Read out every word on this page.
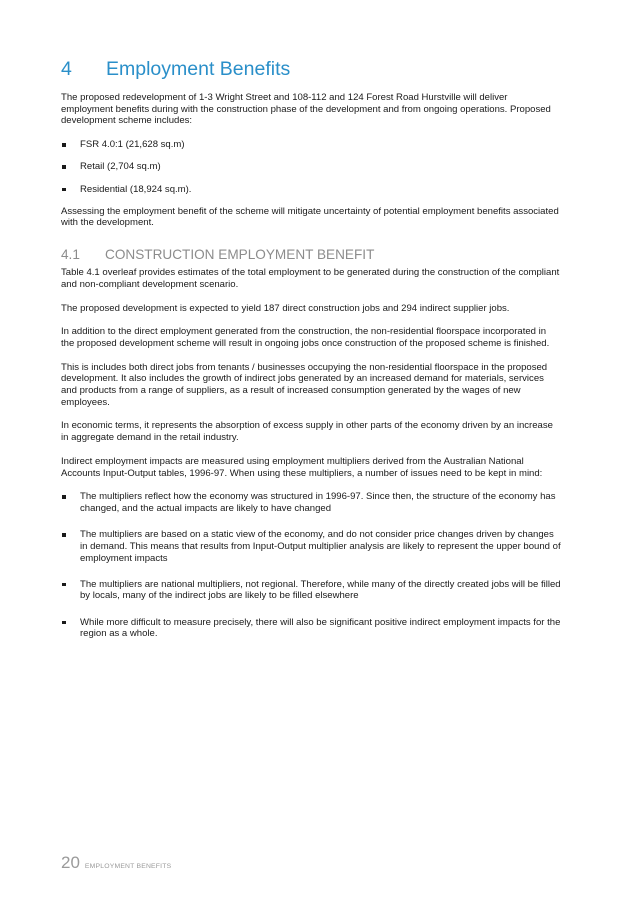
4	Employment Benefits

The proposed redevelopment of 1-3 Wright Street and 108-112 and 124 Forest Road Hurstville will deliver employment benefits during with the construction phase of the development and from ongoing operations. Proposed development scheme includes:

FSR 4.0:1 (21,628 sq.m)
Retail (2,704 sq.m)
Residential (18,924 sq.m).

Assessing the employment benefit of the scheme will mitigate uncertainty of potential employment benefits associated with the development.

4.1	CONSTRUCTION EMPLOYMENT BENEFIT

Table 4.1 overleaf provides estimates of the total employment to be generated during the construction of the compliant and non-compliant development scenario.

The proposed development is expected to yield 187 direct construction jobs and 294 indirect supplier jobs.

In addition to the direct employment generated from the construction, the non-residential floorspace incorporated in the proposed development scheme will result in ongoing jobs once construction of the proposed scheme is finished.

This is includes both direct jobs from tenants / businesses occupying the non-residential floorspace in the proposed development. It also includes the growth of indirect jobs generated by an increased demand for materials, services and products from a range of suppliers, as a result of increased consumption generated by the wages of new employees.

In economic terms, it represents the absorption of excess supply in other parts of the economy driven by an increase in aggregate demand in the retail industry.

Indirect employment impacts are measured using employment multipliers derived from the Australian National Accounts Input-Output tables, 1996-97. When using these multipliers, a number of issues need to be kept in mind:

The multipliers reflect how the economy was structured in 1996-97. Since then, the structure of the economy has changed, and the actual impacts are likely to have changed
The multipliers are based on a static view of the economy, and do not consider price changes driven by changes in demand. This means that results from Input-Output multiplier analysis are likely to represent the upper bound of employment impacts
The multipliers are national multipliers, not regional. Therefore, while many of the directly created jobs will be filled by locals, many of the indirect jobs are likely to be filled elsewhere
While more difficult to measure precisely, there will also be significant positive indirect employment impacts for the region as a whole.
20 EMPLOYMENT BENEFITS
